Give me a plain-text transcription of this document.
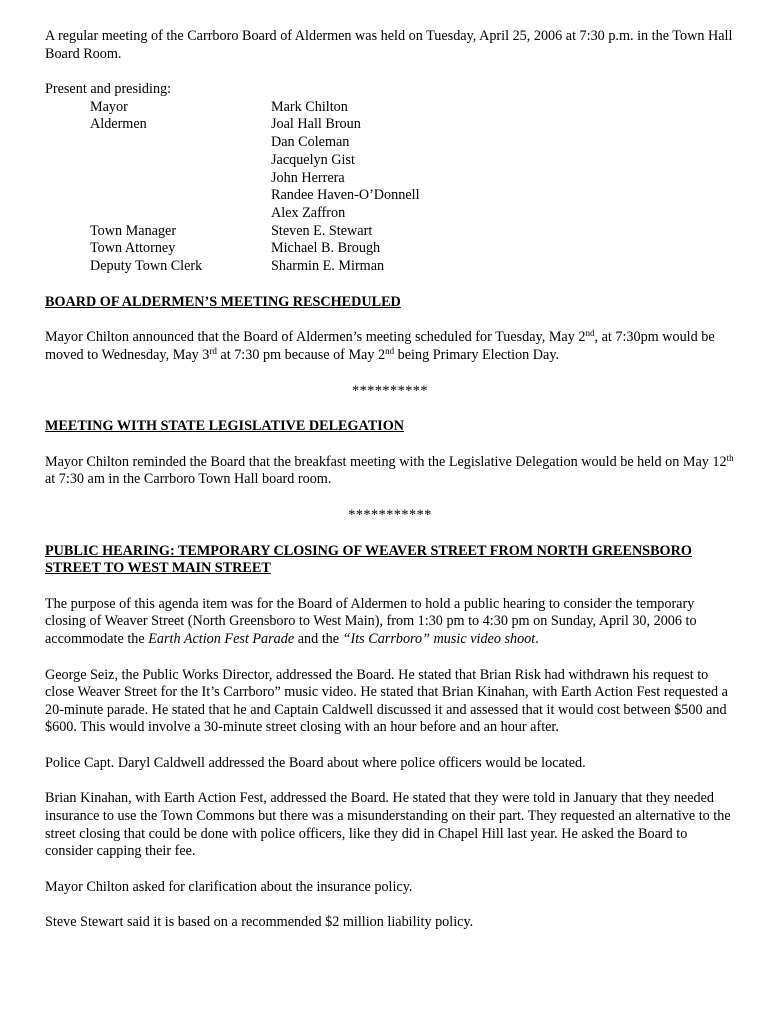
A regular meeting of the Carrboro Board of Aldermen was held on Tuesday, April 25, 2006 at 7:30 p.m. in the Town Hall Board Room.

Present and presiding:

Mayor	Mark Chilton
Aldermen	Joal Hall Broun
Dan Coleman
Jacquelyn Gist
John Herrera
Randee Haven-O’Donnell
Alex Zaffron
Town Manager	Steven E. Stewart
Town Attorney	Michael B. Brough
Deputy Town Clerk	Sharmin E. Mirman

BOARD OF ALDERMEN’S MEETING RESCHEDULED

Mayor Chilton announced that the Board of Aldermen’s meeting scheduled for Tuesday, May 2nd, at 7:30pm would be moved to Wednesday, May 3rd at 7:30 pm because of May 2nd being Primary Election Day.

**********

MEETING WITH STATE LEGISLATIVE DELEGATION

Mayor Chilton reminded the Board that the breakfast meeting with the Legislative Delegation would be held on May 12th at 7:30 am in the Carrboro Town Hall board room.

***********

PUBLIC HEARING: TEMPORARY CLOSING OF WEAVER STREET FROM NORTH GREENSBORO STREET TO WEST MAIN STREET

The purpose of this agenda item was for the Board of Aldermen to hold a public hearing to consider the temporary closing of Weaver Street (North Greensboro to West Main), from 1:30 pm to 4:30 pm on Sunday, April 30, 2006 to accommodate the Earth Action Fest Parade and the “Its Carrboro” music video shoot.

George Seiz, the Public Works Director, addressed the Board. He stated that Brian Risk had withdrawn his request to close Weaver Street for the It’s Carrboro” music video. He stated that Brian Kinahan, with Earth Action Fest requested a 20-minute parade. He stated that he and Captain Caldwell discussed it and assessed that it would cost between $500 and $600. This would involve a 30-minute street closing with an hour before and an hour after.

Police Capt. Daryl Caldwell addressed the Board about where police officers would be located.

Brian Kinahan, with Earth Action Fest, addressed the Board. He stated that they were told in January that they needed insurance to use the Town Commons but there was a misunderstanding on their part. They requested an alternative to the street closing that could be done with police officers, like they did in Chapel Hill last year. He asked the Board to consider capping their fee.

Mayor Chilton asked for clarification about the insurance policy.

Steve Stewart said it is based on a recommended $2 million liability policy.
